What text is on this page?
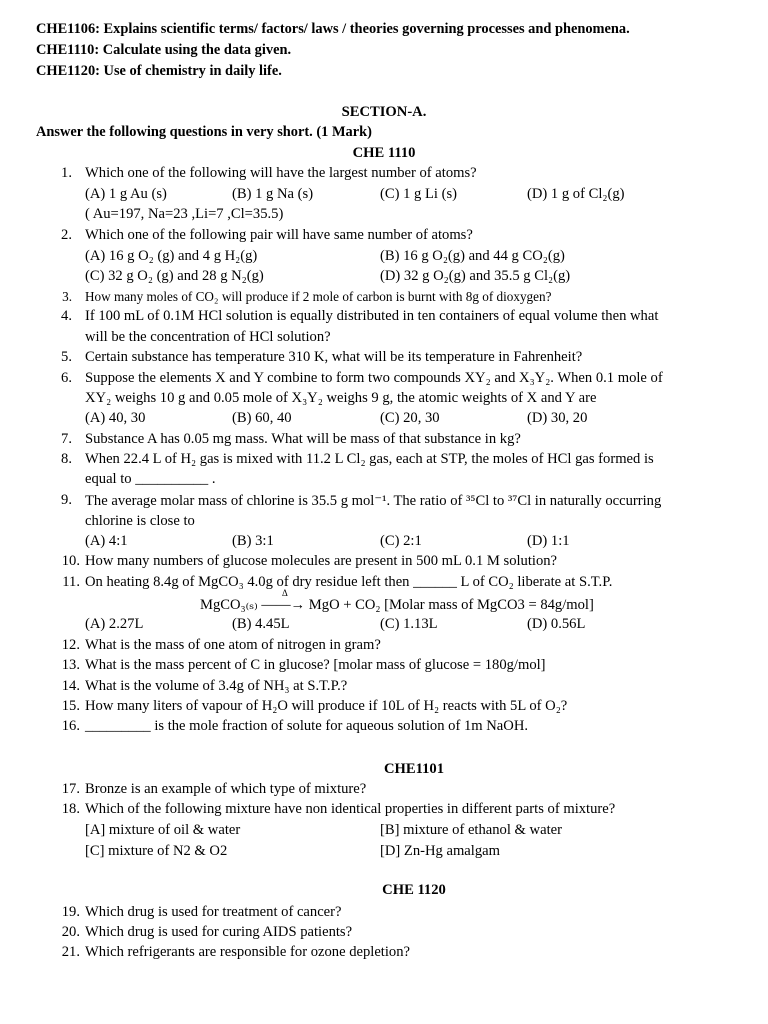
CHE1106: Explains scientific terms/ factors/ laws / theories governing processes and phenomena.
CHE1110: Calculate using the data given.
CHE1120: Use of chemistry in daily life.
SECTION-A.
Answer the following questions in very short. (1 Mark)
CHE 1110
1. Which one of the following will have the largest number of atoms?
(A) 1 g Au (s)	(B) 1 g Na (s)	(C) 1 g Li (s)	(D) 1 g of Cl₂(g)
( Au=197, Na=23 ,Li=7 ,Cl=35.5)
2. Which one of the following pair will have same number of atoms?
(A) 16 g O₂ (g) and 4 g H₂(g)	(B) 16 g O₂(g) and 44 g CO₂(g)
(C) 32 g O₂ (g) and 28 g N₂(g)	(D) 32 g O₂(g) and 35.5 g Cl₂(g)
3. How many moles of CO₂ will produce if 2 mole of carbon is burnt with 8g of dioxygen?
4. If 100 mL of 0.1M HCl solution is equally distributed in ten containers of equal volume then what
will be the concentration of HCl solution?
5. Certain substance has temperature 310 K, what will be its temperature in Fahrenheit?
6. Suppose the elements X and Y combine to form two compounds XY₂ and X₃Y₂. When 0.1 mole of
XY₂ weighs 10 g and 0.05 mole of X₃Y₂ weighs 9 g, the atomic weights of X and Y are
(A) 40, 30	(B) 60, 40	(C) 20, 30	(D) 30, 20
7. Substance A has 0.05 mg mass. What will be mass of that substance in kg?
8. When 22.4 L of H₂ gas is mixed with 11.2 L Cl₂ gas, each at STP, the moles of HCl gas formed is
equal to __________ .
9. The average molar mass of chlorine is 35.5 g mol⁻¹. The ratio of ³⁵Cl to ³⁷Cl in naturally occurring
chlorine is close to
(A) 4:1	(B) 3:1	(C) 2:1	(D) 1:1
10. How many numbers of glucose molecules are present in 500 mL 0.1 M solution?
11. On heating 8.4g of MgCO₃ 4.0g of dry residue left then ______ L of CO₂ liberate at S.T.P.
MgCO₃₍ₛ₎ ——→ MgO + CO₂ [Molar mass of MgCO3 = 84g/mol]
Δ
(A) 2.27L	(B) 4.45L	(C) 1.13L	(D) 0.56L
12. What is the mass of one atom of nitrogen in gram?
13. What is the mass percent of C in glucose? [molar mass of glucose = 180g/mol]
14. What is the volume of 3.4g of NH₃ at S.T.P.?
15. How many liters of vapour of H₂O will produce if 10L of H₂ reacts with 5L of O₂?
16. _________ is the mole fraction of solute for aqueous solution of 1m NaOH.
CHE1101
17. Bronze is an example of which type of mixture?
18. Which of the following mixture have non identical properties in different parts of mixture?
[A] mixture of oil & water	[B] mixture of ethanol & water
[C] mixture of N2 & O2	[D] Zn-Hg amalgam
CHE 1120
19. Which drug is used for treatment of cancer?
20. Which drug is used for curing AIDS patients?
21. Which refrigerants are responsible for ozone depletion?
